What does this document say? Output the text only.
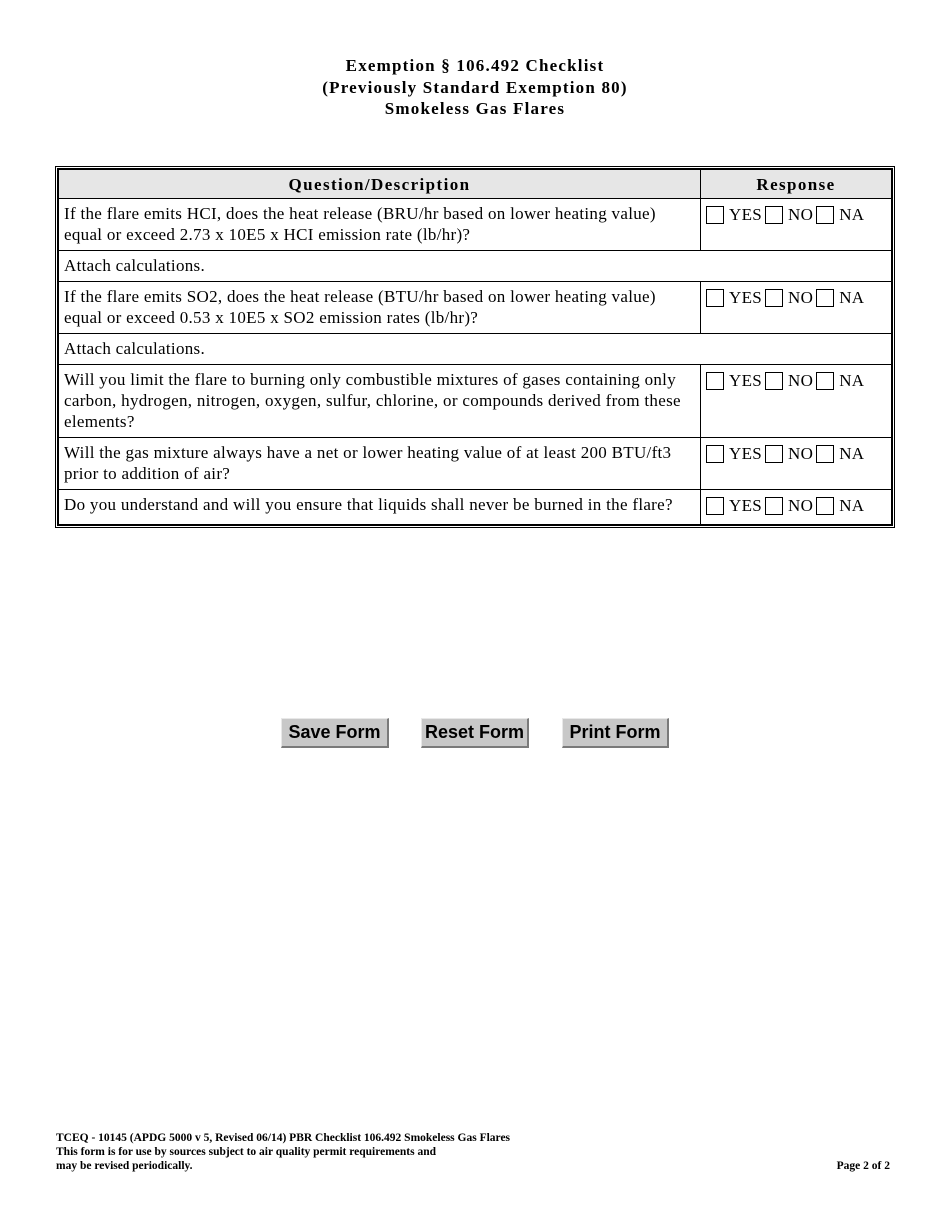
Exemption § 106.492 Checklist
(Previously Standard Exemption 80)
Smokeless Gas Flares
Question/Description	Response
If the flare emits HCI, does the heat release (BRU/hr based on lower heating value) equal or exceed 2.73 x 10E5 x HCI emission rate (lb/hr)?	YES NO NA

Attach calculations.	
If the flare emits SO2, does the heat release (BTU/hr based on lower heating value) equal or exceed 0.53 x 10E5 x SO2 emission rates (lb/hr)?	YES NO NA

Attach calculations.	
Will you limit the flare to burning only combustible mixtures of gases containing only carbon, hydrogen, nitrogen, oxygen, sulfur, chlorine, or compounds derived from these elements?	YES NO NA

Will the gas mixture always have a net or lower heating value of at least 200 BTU/ft3 prior to addition of air?	YES NO NA

Do you understand and will you ensure that liquids shall never be burned in the flare?	YES NO NA
Save Form	Reset Form	Print Form
TCEQ - 10145 (APDG 5000 v 5, Revised 06/14) PBR Checklist 106.492 Smokeless Gas Flares
This form is for use by sources subject to air quality permit requirements and
may be revised periodically.	Page 2 of 2
